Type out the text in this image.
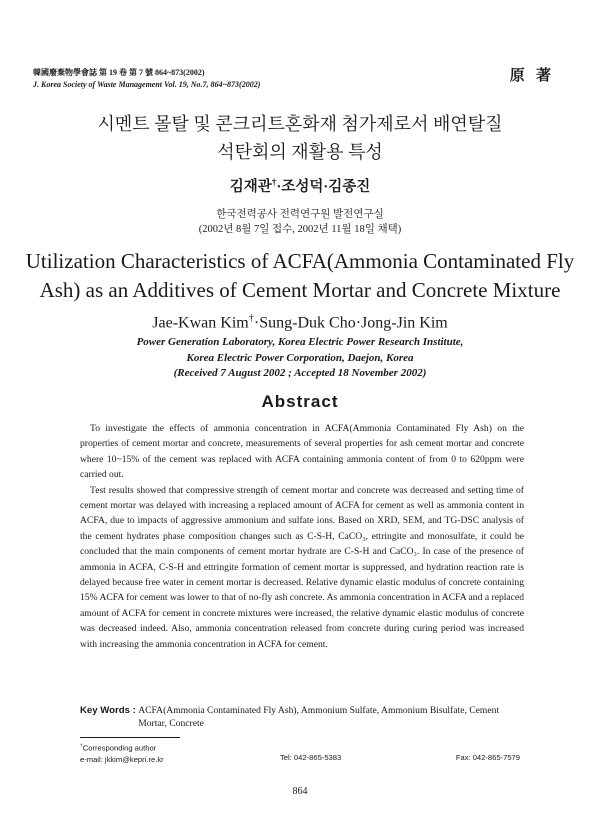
韓國廢棄物學會誌 第 19 卷 第 7 號 864~873(2002)
J. Korea Society of Waste Management Vol. 19, No.7, 864~873(2002)
原 著
시멘트 몰탈 및 콘크리트혼화재 첨가제로서 배연탈질
석탄회의 재활용 특성
김재관†·조성덕·김종진
한국전력공사 전력연구원 발전연구실
(2002년 8월 7일 접수, 2002년 11월 18일 채택)
Utilization Characteristics of ACFA(Ammonia Contaminated Fly
Ash) as an Additives of Cement Mortar and Concrete Mixture
Jae-Kwan Kim†·Sung-Duk Cho·Jong-Jin Kim
Power Generation Laboratory, Korea Electric Power Research Institute,
Korea Electric Power Corporation, Daejon, Korea
(Received 7 August 2002 ; Accepted 18 November 2002)
Abstract

To investigate the effects of ammonia concentration in ACFA(Ammonia Contaminated Fly Ash) on the properties of cement mortar and concrete, measurements of several properties for ash cement mortar and concrete where 10~15% of the cement was replaced with ACFA containing ammonia content of from 0 to 620ppm were carried out.

Test results showed that compressive strength of cement mortar and concrete was decreased and setting time of cement mortar was delayed with increasing a replaced amount of ACFA for cement as well as ammonia content in ACFA, due to impacts of aggressive ammonium and sulfate ions. Based on XRD, SEM, and TG-DSC analysis of the cement hydrates phase composition changes such as C-S-H, CaCO₃, ettringite and monosulfate, it could be concluded that the main components of cement mortar hydrate are C-S-H and CaCO₃. In case of the presence of ammonia in ACFA, C-S-H and ettringite formation of cement mortar is suppressed, and hydration reaction rate is delayed because free water in cement mortar is decreased. Relative dynamic elastic modulus of concrete containing 15% ACFA for cement was lower to that of no-fly ash concrete. As ammonia concentration in ACFA and a replaced amount of ACFA for cement in concrete mixtures were increased, the relative dynamic elastic modulus of concrete was decreased indeed. Also, ammonia concentration released from concrete during curing period was increased with increasing the ammonia concentration in ACFA for cement.

Key Words : ACFA(Ammonia Contaminated Fly Ash), Ammonium Sulfate, Ammonium Bisulfate, Cement Mortar, Concrete
†Corresponding author
e-mail: jkkim@kepri.re.kr	Tel: 042-865-5383	Fax: 042-865-7579
864
